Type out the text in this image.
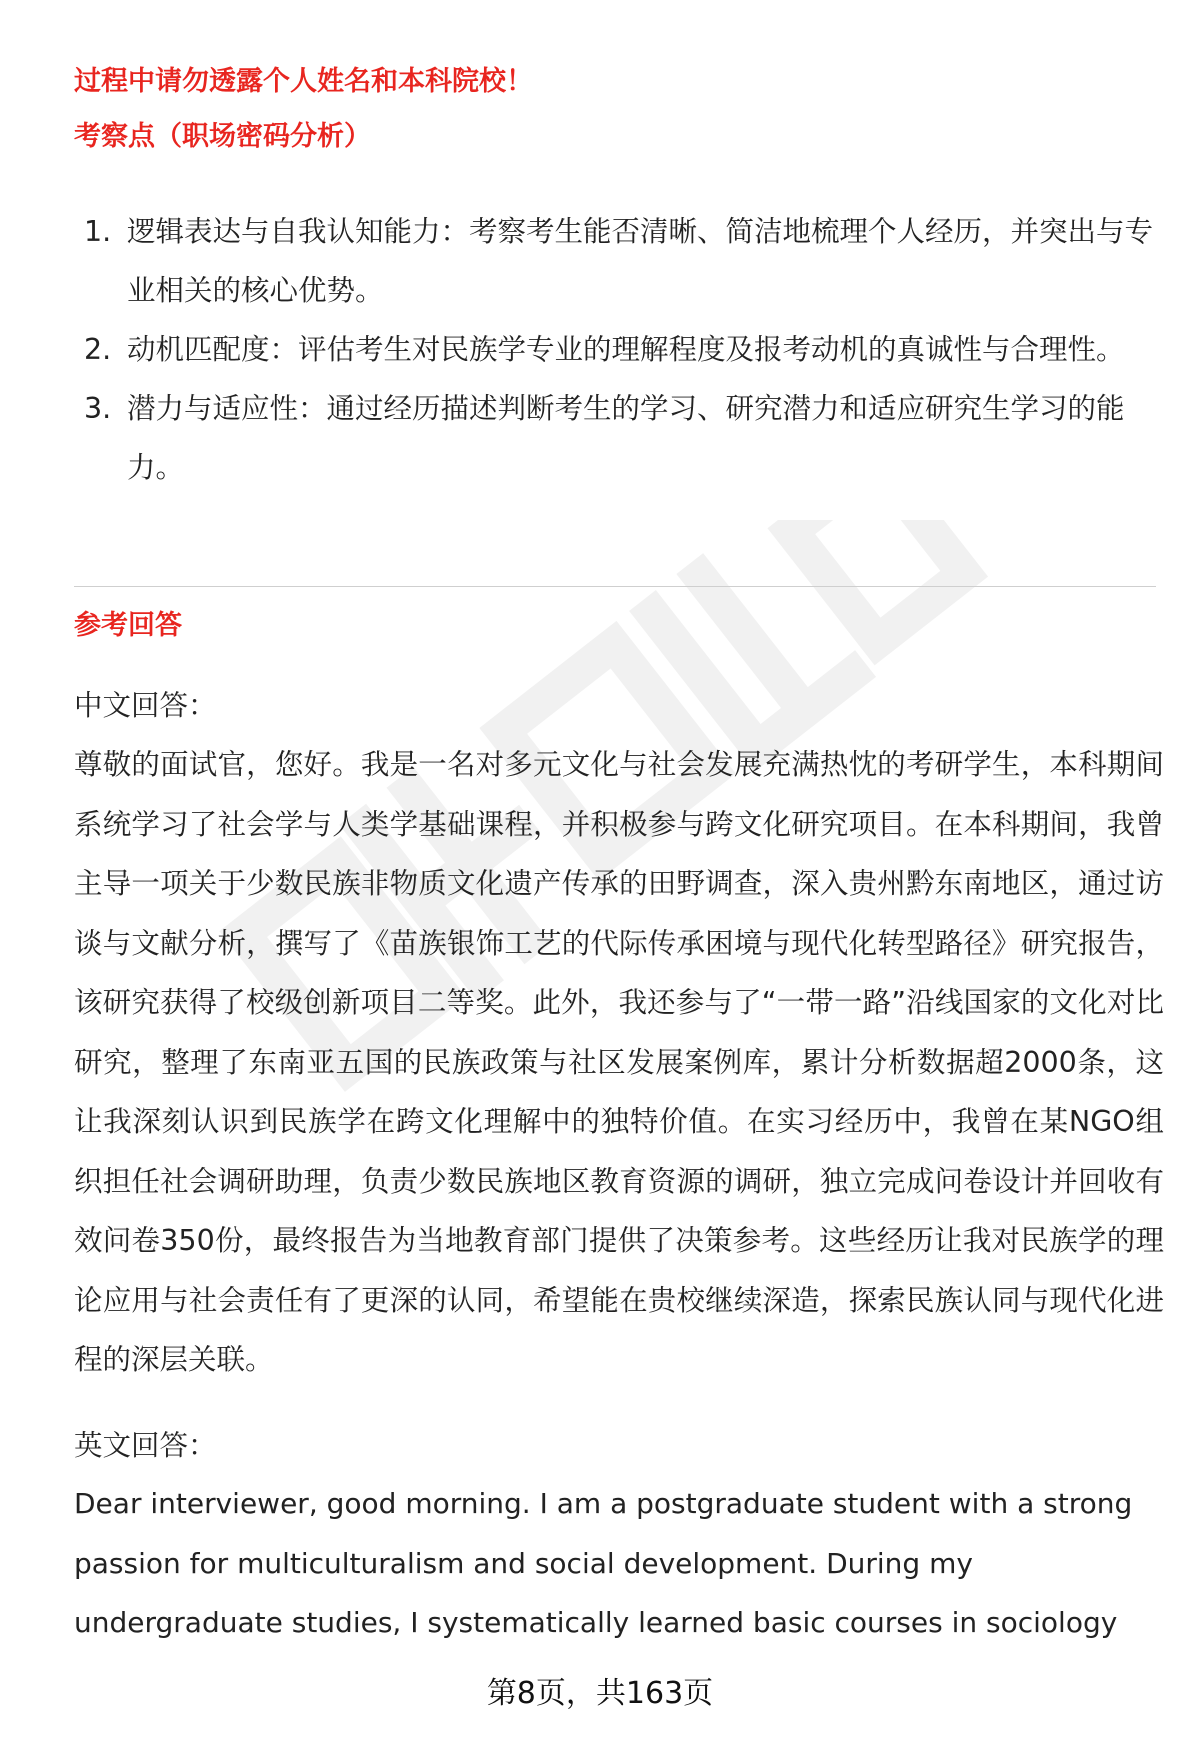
过程中请勿透露个人姓名和本科院校！
考察点（职场密码分析）
1. 逻辑表达与自我认知能力：考察考生能否清晰、简洁地梳理个人经历，并突出与专业相关的核心优势。
2. 动机匹配度：评估考生对民族学专业的理解程度及报考动机的真诚性与合理性。
3. 潜力与适应性：通过经历描述判断考生的学习、研究潜力和适应研究生学习的能力。
参考回答
中文回答：

尊敬的面试官，您好。我是一名对多元文化与社会发展充满热忱的考研学生，本科期间系统学习了社会学与人类学基础课程，并积极参与跨文化研究项目。在本科期间，我曾主导一项关于少数民族非物质文化遗产传承的田野调查，深入贵州黔东南地区，通过访谈与文献分析，撰写了《苗族银饰工艺的代际传承困境与现代化转型路径》研究报告，该研究获得了校级创新项目二等奖。此外，我还参与了“一带一路”沿线国家的文化对比研究，整理了东南亚五国的民族政策与社区发展案例库，累计分析数据超2000条，这让我深刻认识到民族学在跨文化理解中的独特价值。在实习经历中，我曾在某NGO组织担任社会调研助理，负责少数民族地区教育资源的调研，独立完成问卷设计并回收有效问卷350份，最终报告为当地教育部门提供了决策参考。这些经历让我对民族学的理论应用与社会责任有了更深的认同，希望能在贵校继续深造，探索民族认同与现代化进程的深层关联。

英文回答：

Dear interviewer, good morning. I am a postgraduate student with a strong passion for multiculturalism and social development. During my undergraduate studies, I systematically learned basic courses in sociology

第8页，共163页
